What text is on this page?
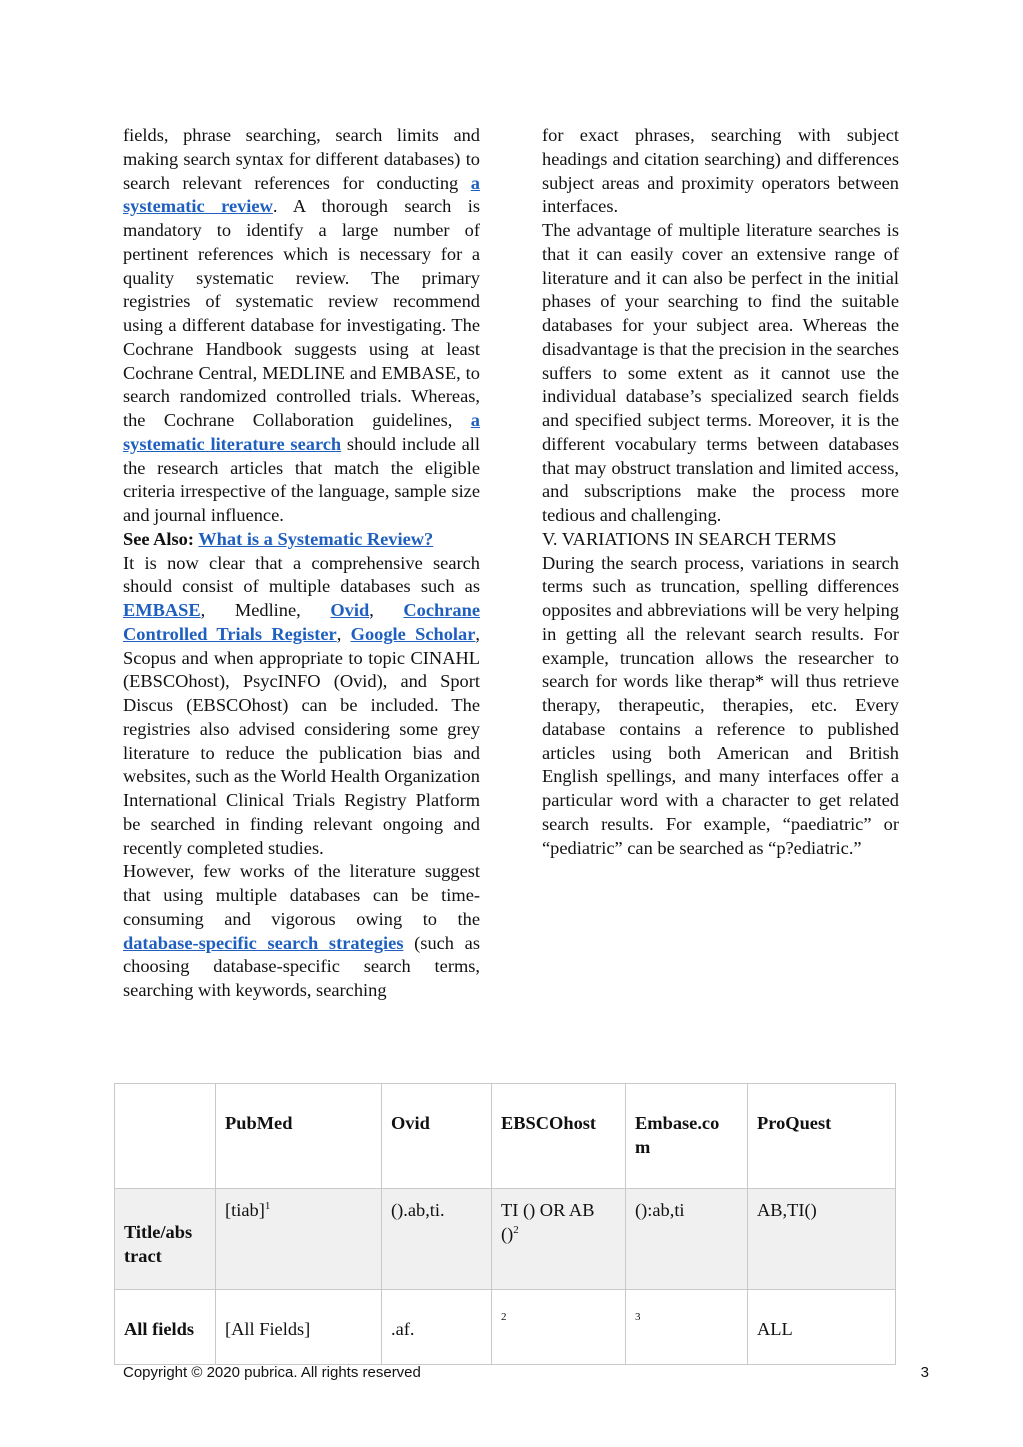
fields, phrase searching, search limits and making search syntax for different databases) to search relevant references for conducting a systematic review. A thorough search is mandatory to identify a large number of pertinent references which is necessary for a quality systematic review. The primary registries of systematic review recommend using a different database for investigating. The Cochrane Handbook suggests using at least Cochrane Central, MEDLINE and EMBASE, to search randomized controlled trials. Whereas, the Cochrane Collaboration guidelines, a systematic literature search should include all the research articles that match the eligible criteria irrespective of the language, sample size and journal influence.

See Also: What is a Systematic Review?

It is now clear that a comprehensive search should consist of multiple databases such as EMBASE, Medline, Ovid, Cochrane Controlled Trials Register, Google Scholar, Scopus and when appropriate to topic CINAHL (EBSCOhost), PsycINFO (Ovid), and Sport Discus (EBSCOhost) can be included. The registries also advised considering some grey literature to reduce the publication bias and websites, such as the World Health Organization International Clinical Trials Registry Platform be searched in finding relevant ongoing and recently completed studies.

However, few works of the literature suggest that using multiple databases can be time-consuming and vigorous owing to the database-specific search strategies (such as choosing database-specific search terms, searching with keywords, searching

for exact phrases, searching with subject headings and citation searching) and differences subject areas and proximity operators between interfaces.

The advantage of multiple literature searches is that it can easily cover an extensive range of literature and it can also be perfect in the initial phases of your searching to find the suitable databases for your subject area. Whereas the disadvantage is that the precision in the searches suffers to some extent as it cannot use the individual database’s specialized search fields and specified subject terms. Moreover, it is the different vocabulary terms between databases that may obstruct translation and limited access, and subscriptions make the process more tedious and challenging.

V. VARIATIONS IN SEARCH TERMS

During the search process, variations in search terms such as truncation, spelling differences opposites and abbreviations will be very helping in getting all the relevant search results. For example, truncation allows the researcher to search for words like therap* will thus retrieve therapy, therapeutic, therapies, etc. Every database contains a reference to published articles using both American and British English spellings, and many interfaces offer a particular word with a character to get related search results. For example, “paediatric” or “pediatric” can be searched as “p?ediatric.”

	PubMed	Ovid	EBSCOhost	Embase.co m	ProQuest
Title/abs tract	[tiab]$^1$	().ab,ti.	TI () OR AB ()$^2$	():ab,ti	AB,TI()
All fields	[All Fields]	.af.	2	3	ALL
Copyright © 2020 pubrica. All rights reserved	3
